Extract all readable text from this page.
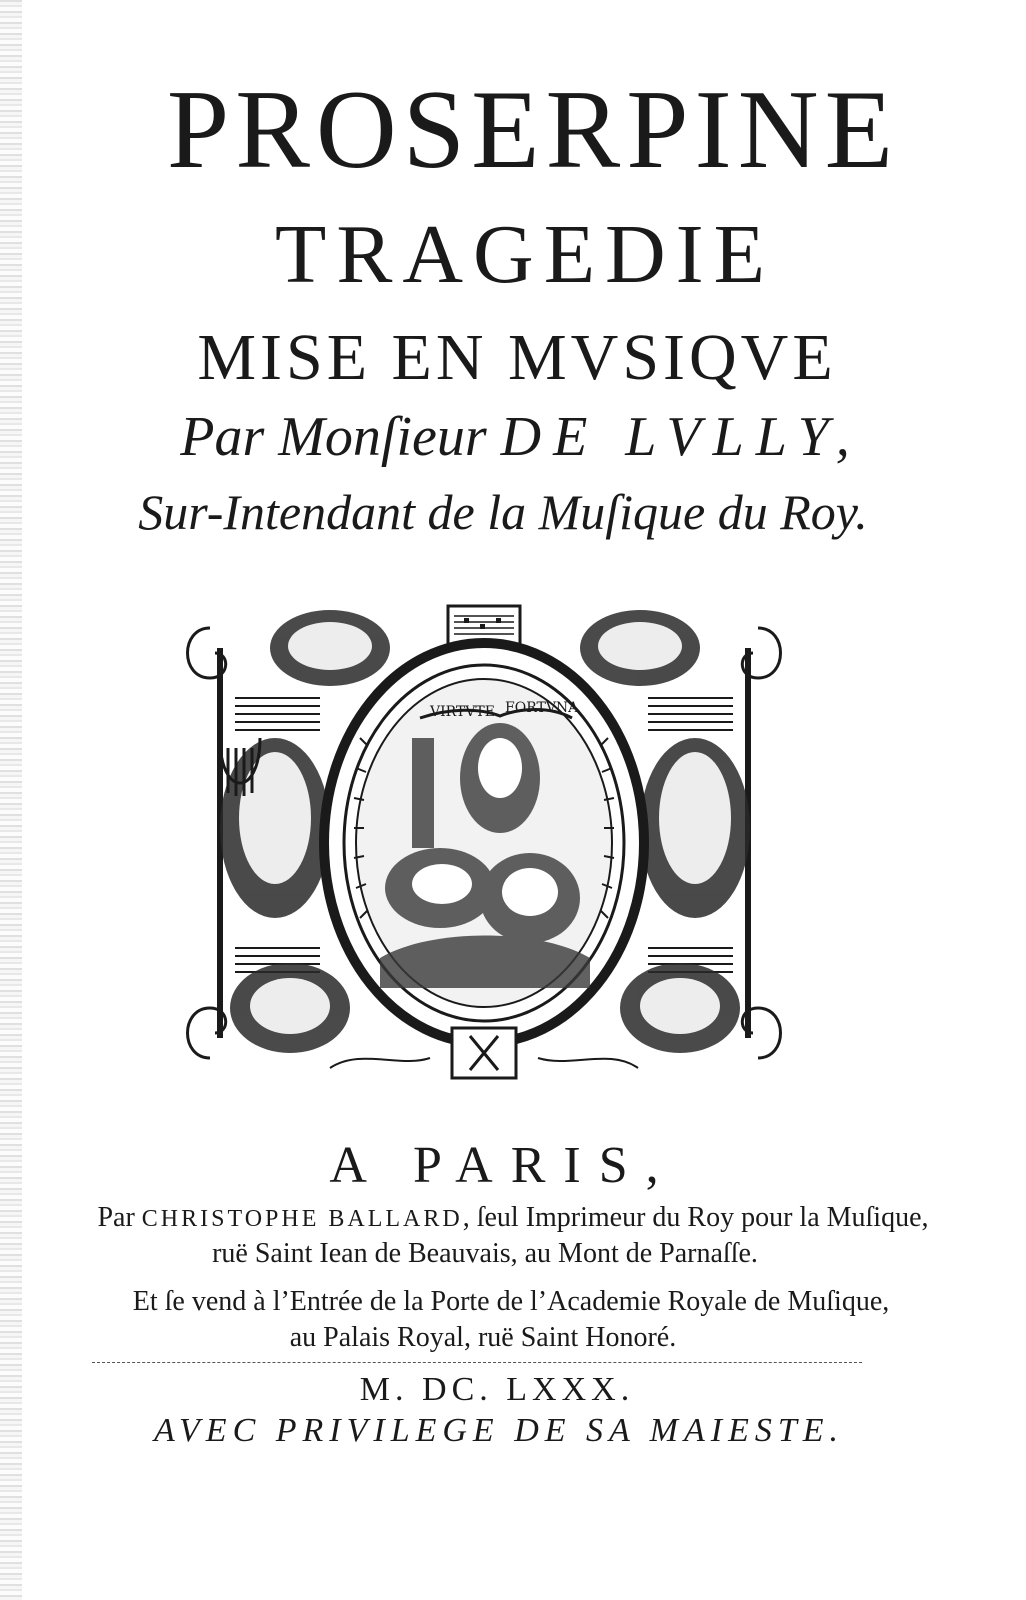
PROSERPINE
TRAGEDIE
MISE EN MVSIQVE
Par Monſieur DE LVLLY,
Sur-Intendant de la Muſique du Roy.
VIRTVTE FORTVNA
A PARIS,
Par CHRISTOPHE BALLARD, ſeul Imprimeur du Roy pour la Muſique,
ruë Saint Iean de Beauvais, au Mont de Parnaſſe.
Et ſe vend à l’Entrée de la Porte de l’Academie Royale de Muſique,
au Palais Royal, ruë Saint Honoré.
M. DC. LXXX.
AVEC PRIVILEGE DE SA MAIESTE.
